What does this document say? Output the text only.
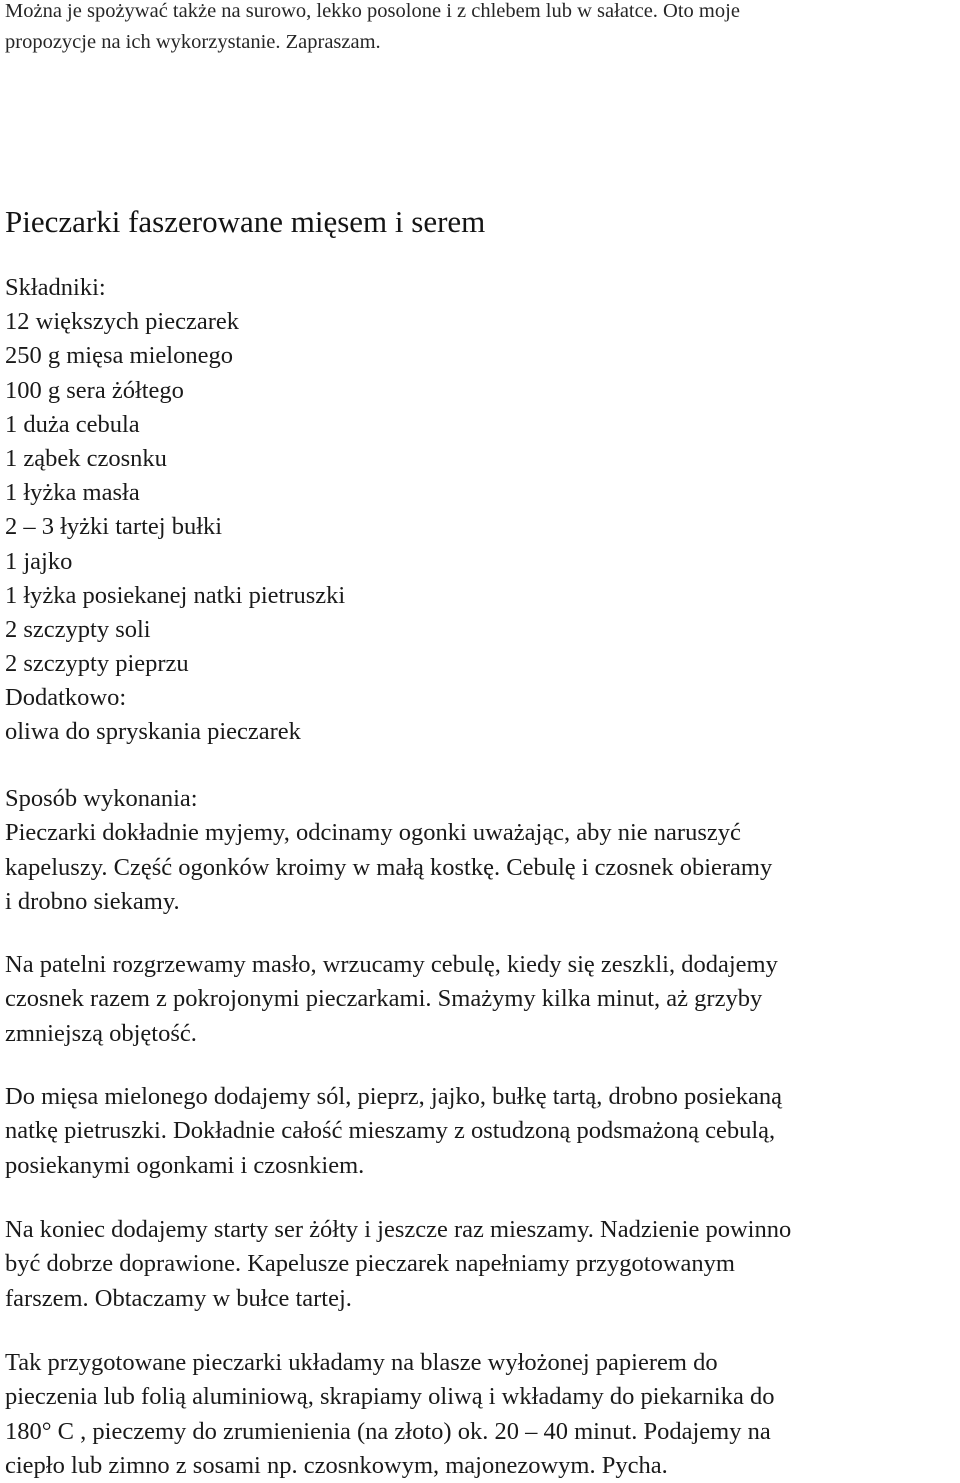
Można je spożywać także na surowo, lekko posolone i z chlebem lub w sałatce. Oto moje
propozycje na ich wykorzystanie. Zapraszam.

Pieczarki faszerowane mięsem i serem
Składniki:
12 większych pieczarek
250 g mięsa mielonego
100 g sera żółtego
1 duża cebula
1 ząbek czosnku
1 łyżka masła
2 – 3 łyżki tartej bułki
1 jajko
1 łyżka posiekanej natki pietruszki
2 szczypty soli
2 szczypty pieprzu
Dodatkowo:
oliwa do spryskania pieczarek

Sposób wykonania:
Pieczarki dokładnie myjemy, odcinamy ogonki uważając, aby nie naruszyć
kapeluszy. Część ogonków kroimy w małą kostkę. Cebulę i czosnek obieramy
i drobno siekamy.

Na patelni rozgrzewamy masło, wrzucamy cebulę, kiedy się zeszkli, dodajemy
czosnek razem z pokrojonymi pieczarkami. Smażymy kilka minut, aż grzyby
zmniejszą objętość.

Do mięsa mielonego dodajemy sól, pieprz, jajko, bułkę tartą, drobno posiekaną
natkę pietruszki. Dokładnie całość mieszamy z ostudzoną podsmażoną cebulą,
posiekanymi ogonkami i czosnkiem.

Na koniec dodajemy starty ser żółty i jeszcze raz mieszamy. Nadzienie powinno
być dobrze doprawione. Kapelusze pieczarek napełniamy przygotowanym
farszem. Obtaczamy w bułce tartej.

Tak przygotowane pieczarki układamy na blasze wyłożonej papierem do
pieczenia lub folią aluminiową, skrapiamy oliwą i wkładamy do piekarnika do
180° C , pieczemy do zrumienienia (na złoto) ok. 20 – 40 minut. Podajemy na
ciepło lub zimno z sosami np. czosnkowym, majonezowym. Pycha.
